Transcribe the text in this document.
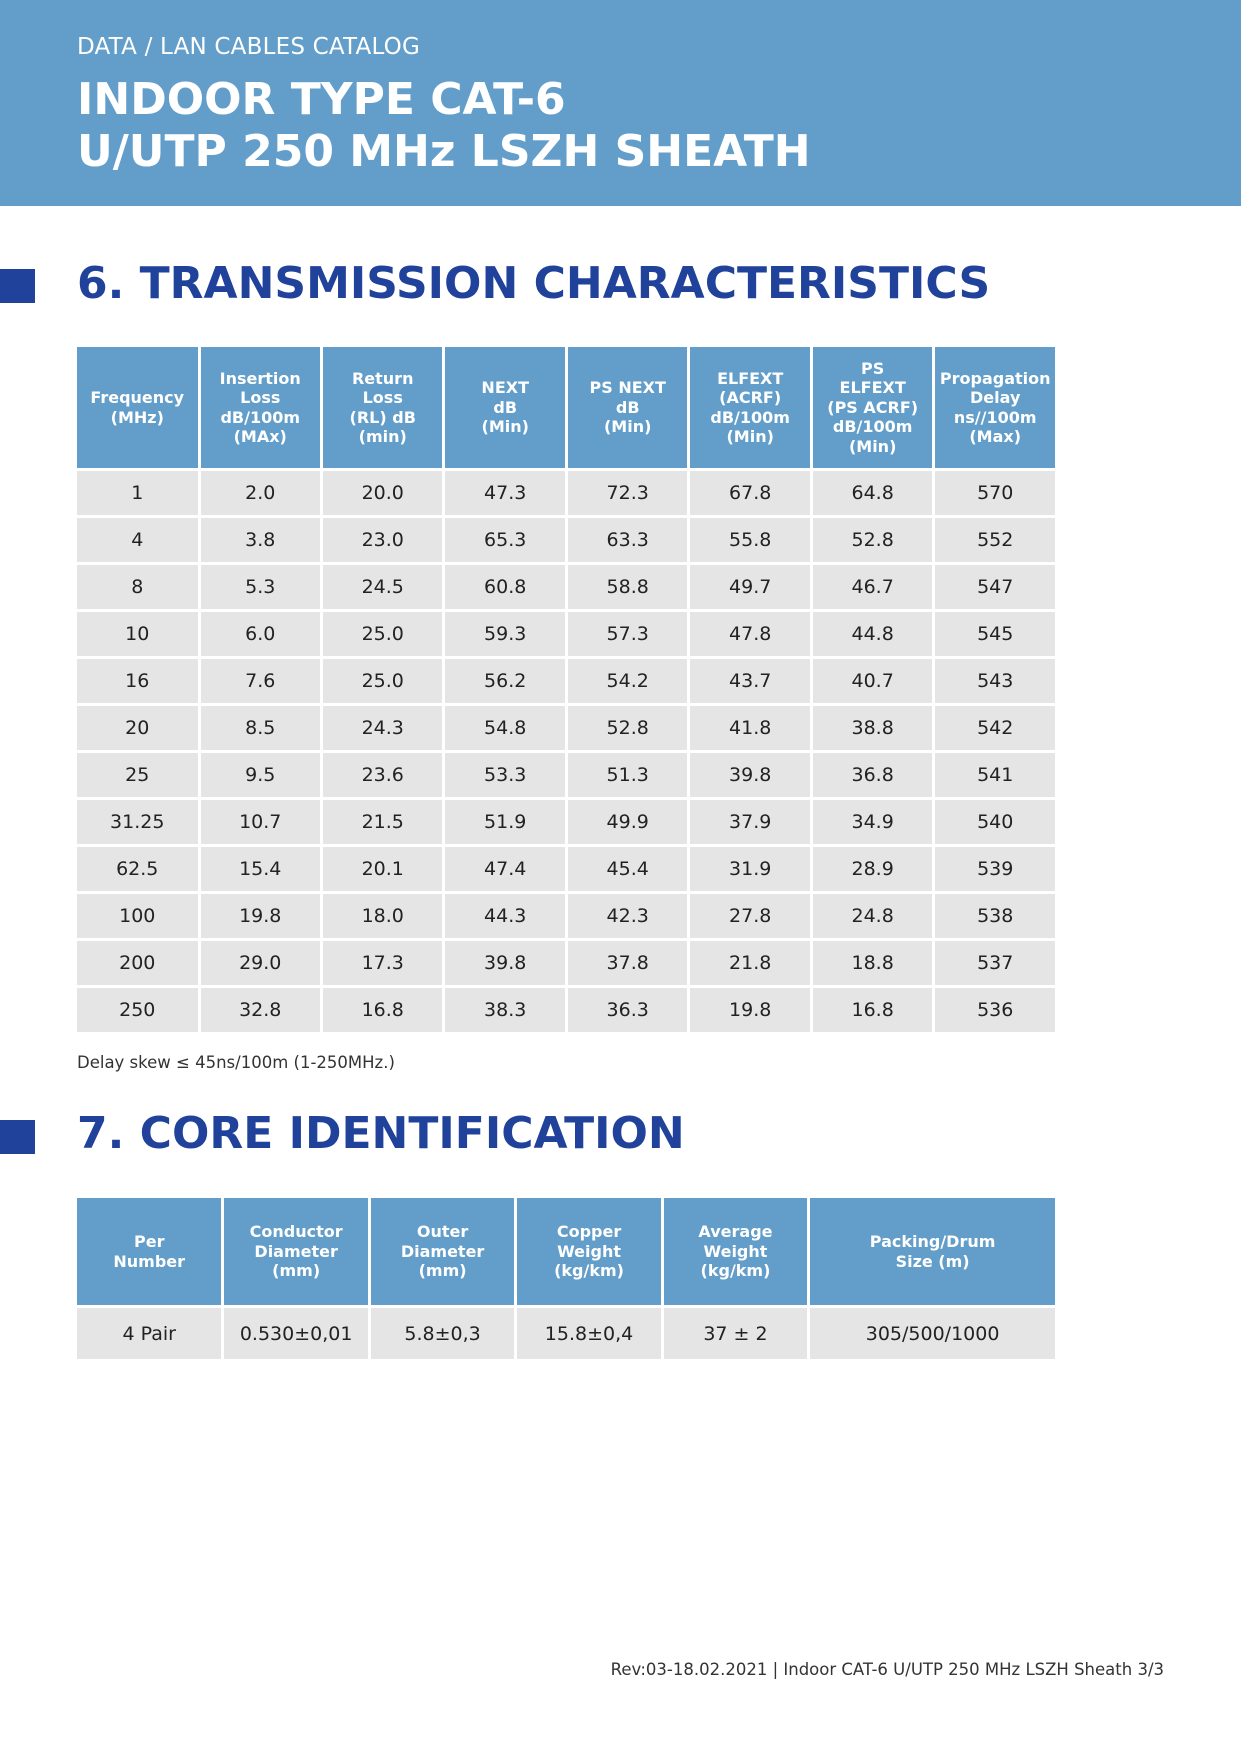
DATA / LAN CABLES CATALOG
INDOOR TYPE CAT-6
U/UTP 250 MHz LSZH SHEATH
6. TRANSMISSION CHARACTERISTICS
Frequency
(MHz)	Insertion
Loss
dB/100m
(MAx)	Return
Loss
(RL) dB
(min)	NEXT
dB
(Min)	PS NEXT
dB
(Min)	ELFEXT
(ACRF)
dB/100m
(Min)	PS
ELFEXT
(PS ACRF)
dB/100m
(Min)	Propagation
Delay
ns//100m
(Max)

1	2.0	20.0	47.3	72.3	67.8	64.8	570
4	3.8	23.0	65.3	63.3	55.8	52.8	552
8	5.3	24.5	60.8	58.8	49.7	46.7	547
10	6.0	25.0	59.3	57.3	47.8	44.8	545
16	7.6	25.0	56.2	54.2	43.7	40.7	543
20	8.5	24.3	54.8	52.8	41.8	38.8	542
25	9.5	23.6	53.3	51.3	39.8	36.8	541
31.25	10.7	21.5	51.9	49.9	37.9	34.9	540
62.5	15.4	20.1	47.4	45.4	31.9	28.9	539
100	19.8	18.0	44.3	42.3	27.8	24.8	538
200	29.0	17.3	39.8	37.8	21.8	18.8	537
250	32.8	16.8	38.3	36.3	19.8	16.8	536
Delay skew ≤ 45ns/100m (1-250MHz.)
7. CORE IDENTIFICATION
Per
Number	Conductor
Diameter
(mm)	Outer
Diameter
(mm)	Copper
Weight
(kg/km)	Average
Weight
(kg/km)	Packing/Drum
Size (m)

4 Pair	0.530±0,01	5.8±0,3	15.8±0,4	37 ± 2	305/500/1000
Rev:03-18.02.2021 | Indoor CAT-6 U/UTP 250 MHz LSZH Sheath 3/3
